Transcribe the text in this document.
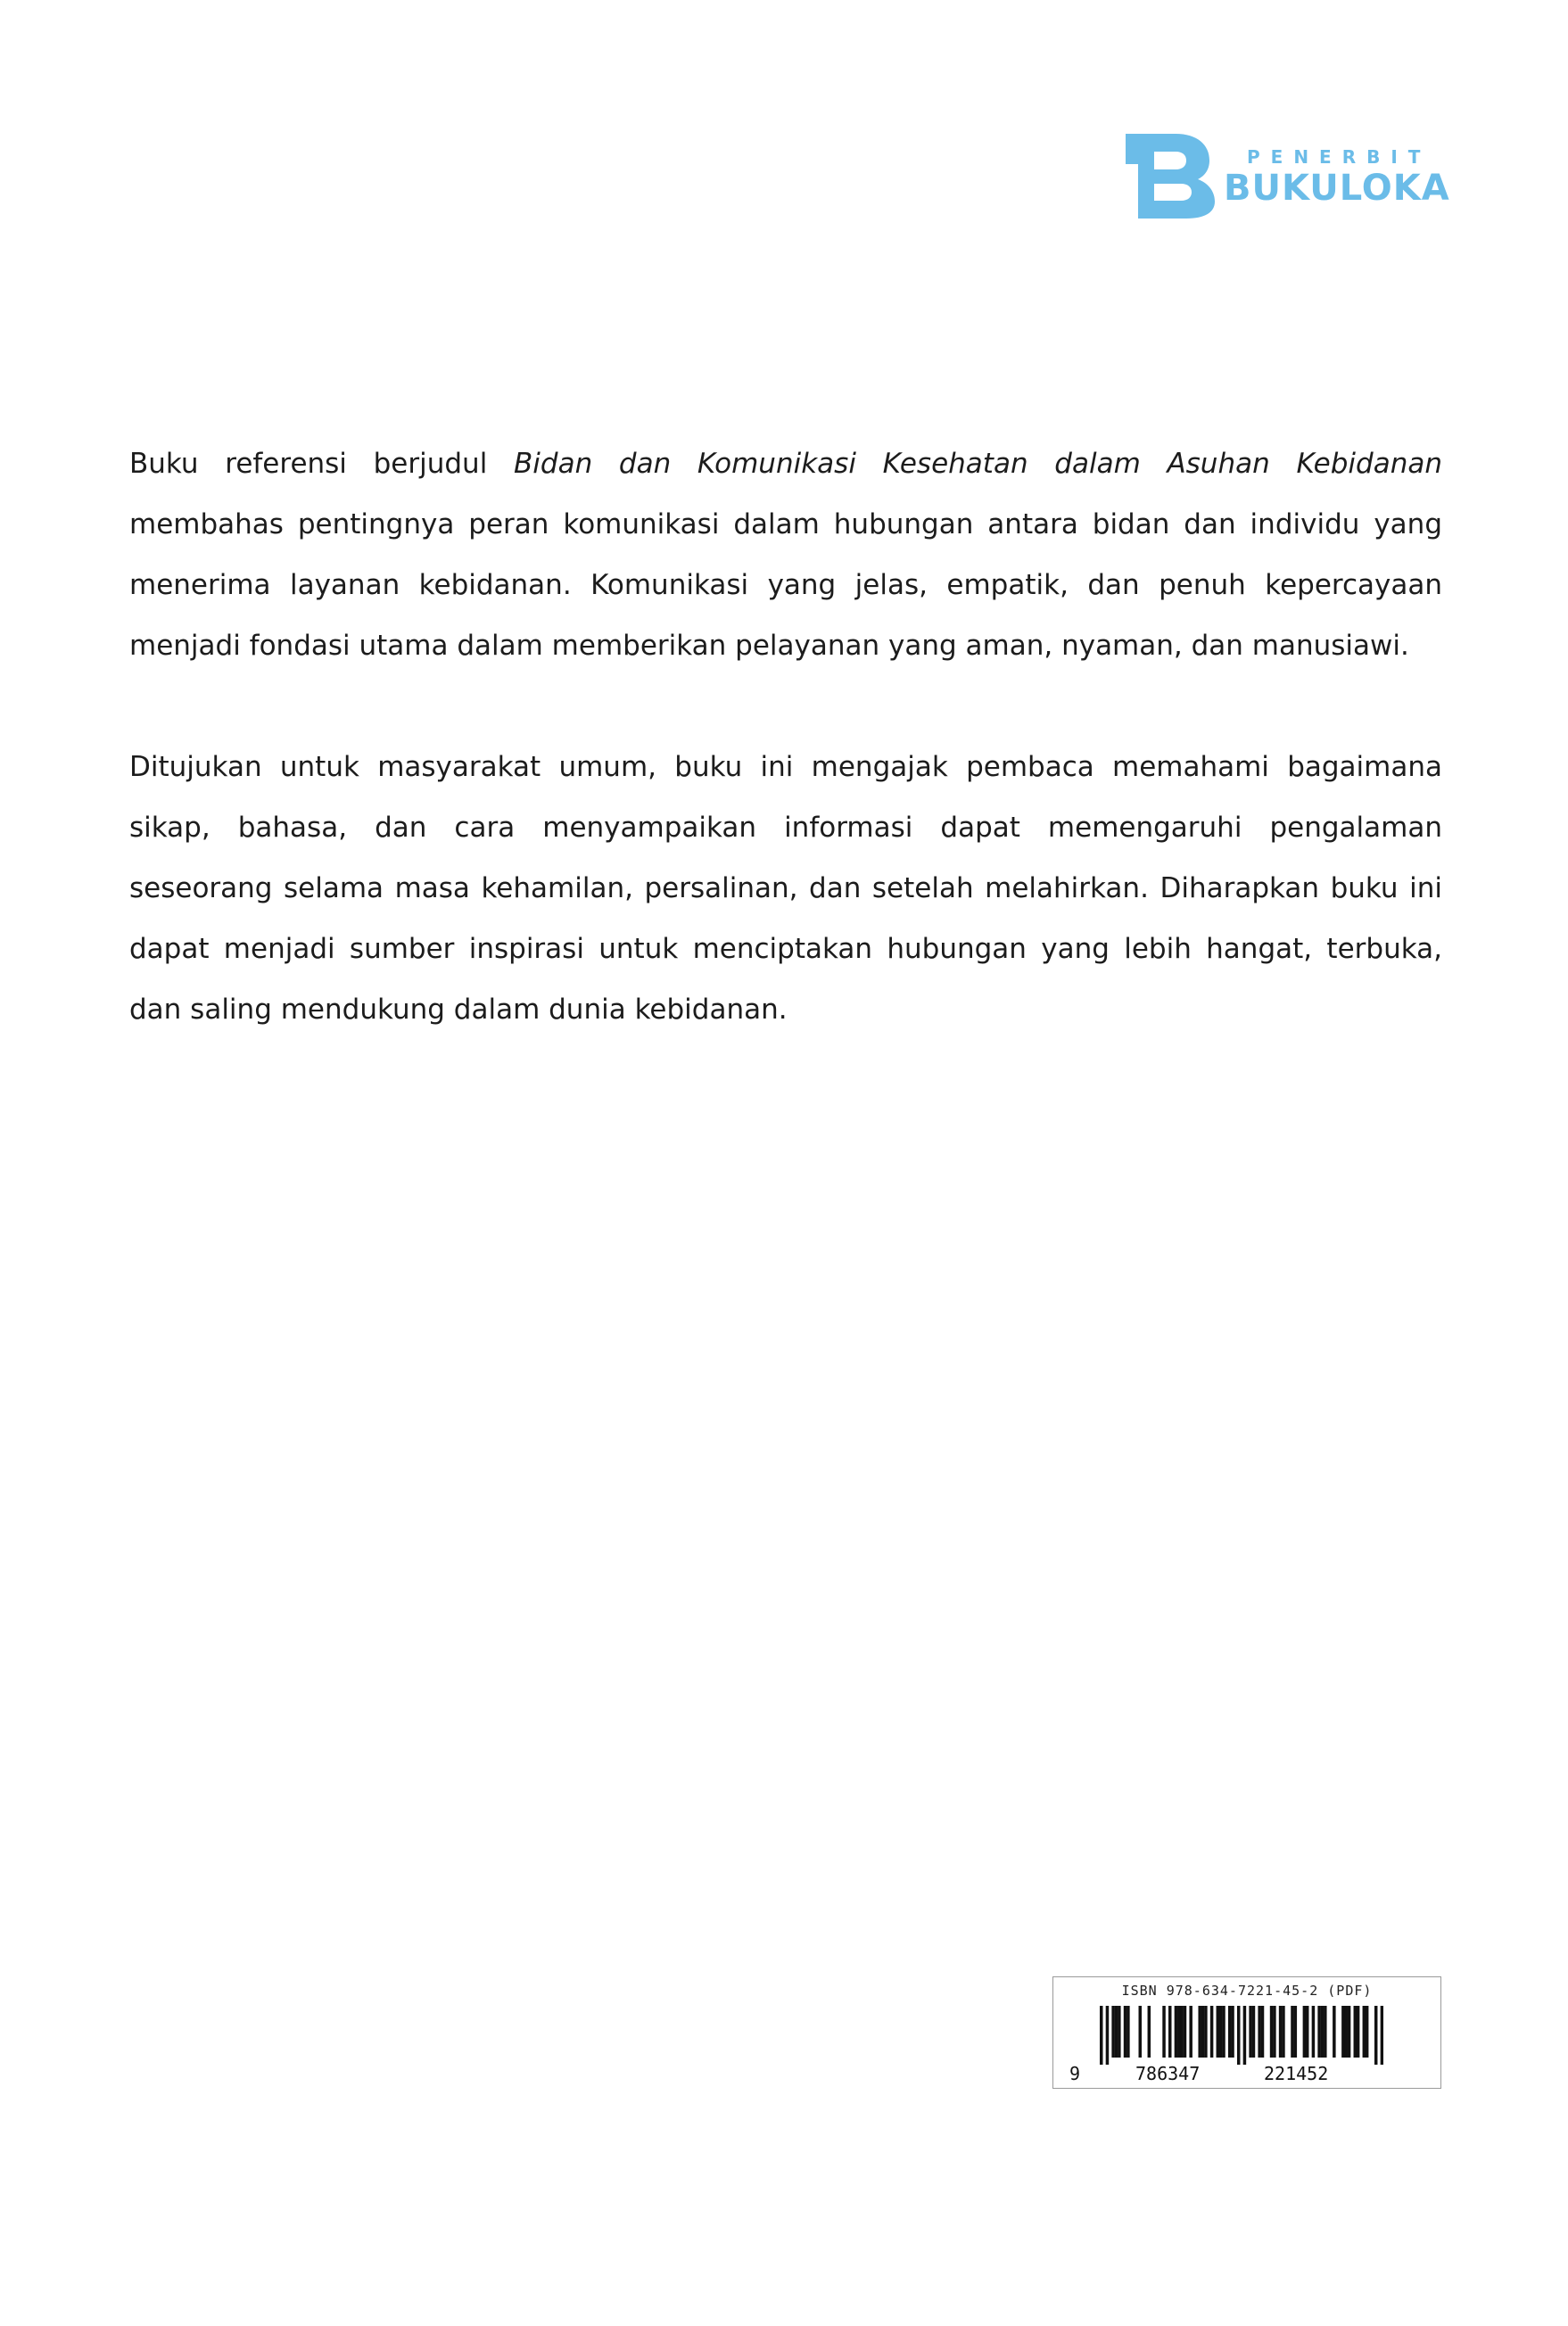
PENERBIT
BUKULOKA

Buku referensi berjudul Bidan dan Komunikasi Kesehatan dalam Asuhan Kebidanan membahas pentingnya peran komunikasi dalam hubungan antara bidan dan individu yang menerima layanan kebidanan. Komunikasi yang jelas, empatik, dan penuh kepercayaan menjadi fondasi utama dalam memberikan pelayanan yang aman, nyaman, dan manusiawi.

Ditujukan untuk masyarakat umum, buku ini mengajak pembaca memahami bagaimana sikap, bahasa, dan cara menyampaikan informasi dapat memengaruhi pengalaman seseorang selama masa kehamilan, persalinan, dan setelah melahirkan. Diharapkan buku ini dapat menjadi sumber inspirasi untuk menciptakan hubungan yang lebih hangat, terbuka, dan saling mendukung dalam dunia kebidanan.

ISBN 978-634-7221-45-2 (PDF)
9	786347	221452
